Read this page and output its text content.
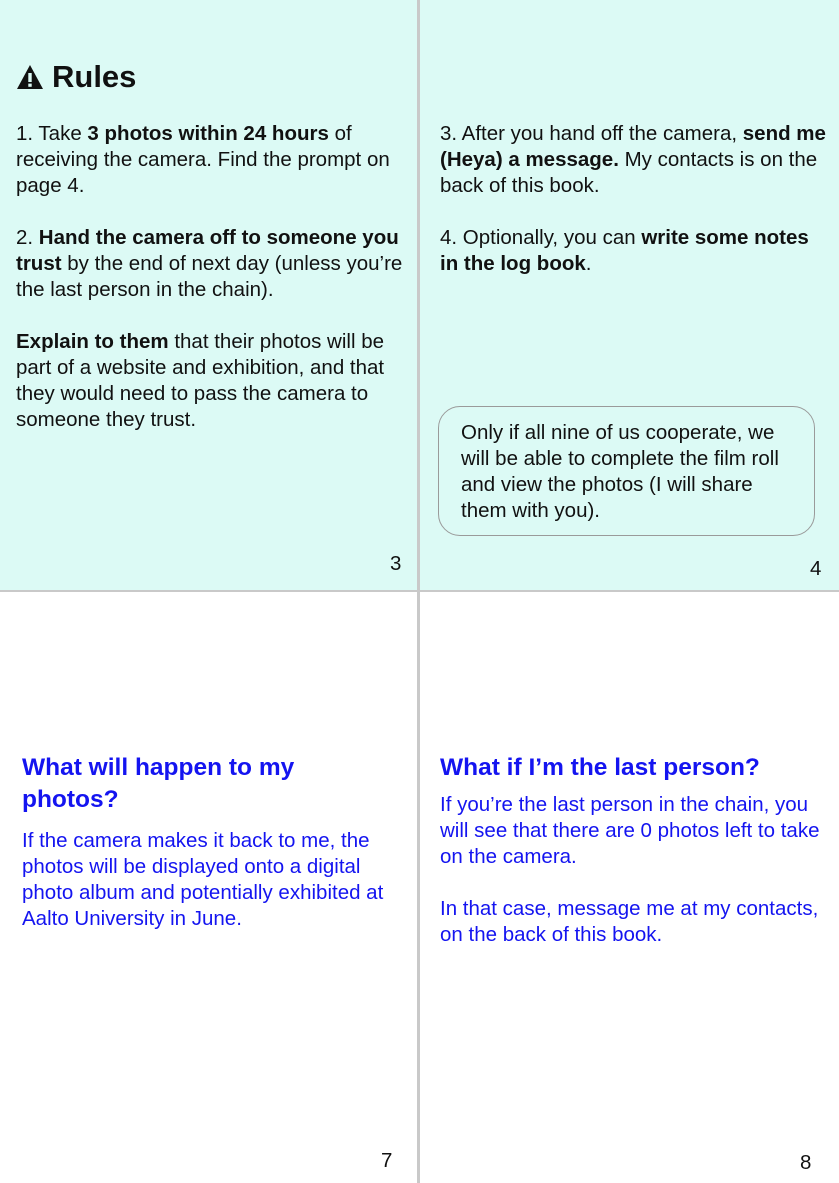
Rules

1. Take 3 photos within 24 hours of receiving the camera. Find the prompt on page 4.

2. Hand the camera off to someone you trust by the end of next day (unless you’re the last person in the chain).

Explain to them that their photos will be part of a website and exhibition, and that they would need to pass the camera to someone they trust.

3

3. After you hand off the camera, send me (Heya) a message. My contacts is on the back of this book.

4. Optionally, you can write some notes in the log book.

4
Only if all nine of us cooperate, we will be able to complete the film roll and view the photos (I will share them with you).
What will happen to my photos?
If the camera makes it back to me, the photos will be displayed onto a digital photo album and potentially exhibited at Aalto University in June.
7
What if I’m the last person?

If you’re the last person in the chain, you will see that there are 0 photos left to take on the camera.

In that case, message me at my contacts, on the back of this book.

8
